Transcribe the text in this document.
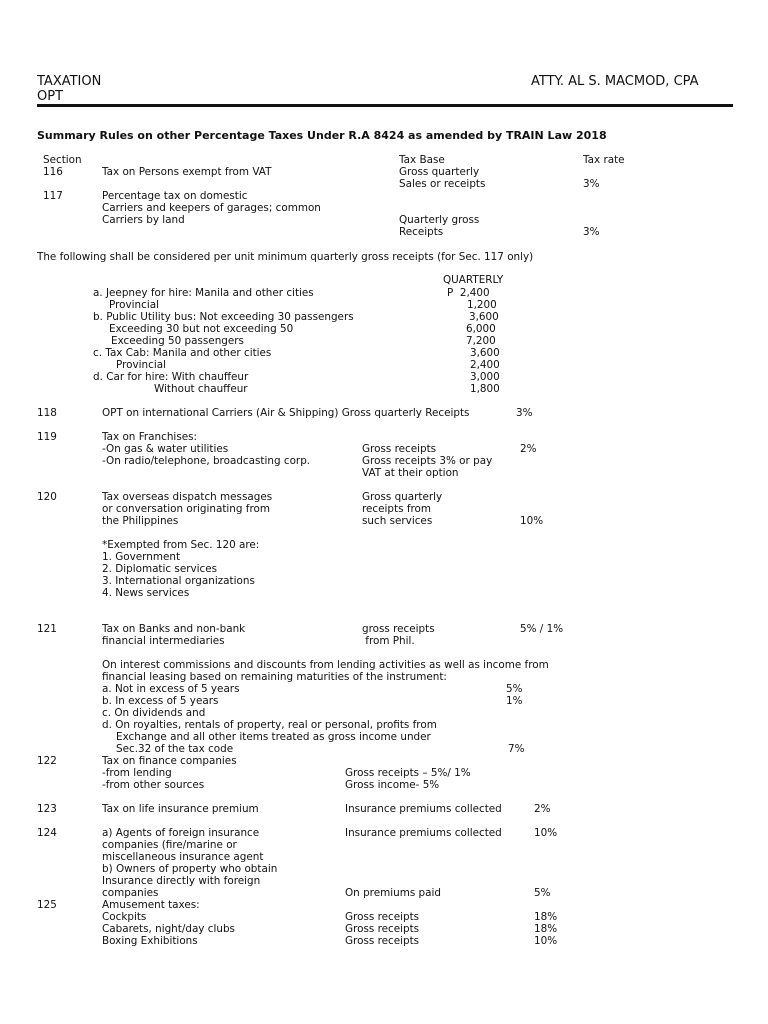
TAXATION
OPT
ATTY. AL S. MACMOD, CPA
Summary Rules on other Percentage Taxes Under R.A 8424 as amended by TRAIN Law 2018
Section	Tax Base	Tax rate
116	Tax on Persons exempt from VAT	Gross quarterly
Sales or receipts	3%
117	Percentage tax on domestic
Carriers and keepers of garages; common
Carriers by land	Quarterly gross
Receipts	3%
The following shall be considered per unit minimum quarterly gross receipts (for Sec. 117 only)
QUARTERLY
a. Jeepney for hire: Manila and other cities	P  2,400
Provincial	1,200
b. Public Utility bus: Not exceeding 30 passengers	3,600
Exceeding 30 but not exceeding 50	6,000
Exceeding 50 passengers	7,200
c. Tax Cab: Manila and other cities	3,600
Provincial	2,400
d. Car for hire: With chauffeur	3,000
Without chauffeur	1,800
118	OPT on international Carriers (Air & Shipping) Gross quarterly Receipts	3%
119	Tax on Franchises:
-On gas & water utilities	Gross receipts	2%
-On radio/telephone, broadcasting corp.	Gross receipts 3% or pay
VAT at their option
120	Tax overseas dispatch messages	Gross quarterly
or conversation originating from	receipts from
the Philippines	such services	10%
*Exempted from Sec. 120 are:
1. Government
2. Diplomatic services
3. International organizations
4. News services
121	Tax on Banks and non-bank	gross receipts	5% / 1%
financial intermediaries	from Phil.
On interest commissions and discounts from lending activities as well as income from
financial leasing based on remaining maturities of the instrument:
a. Not in excess of 5 years	5%
b. In excess of 5 years	1%
c. On dividends and
d. On royalties, rentals of property, real or personal, profits from
Exchange and all other items treated as gross income under
Sec.32 of the tax code	7%
122	Tax on finance companies
-from lending	Gross receipts – 5%/ 1%
-from other sources	Gross income- 5%
123	Tax on life insurance premium	Insurance premiums collected	2%
124	a) Agents of foreign insurance	Insurance premiums collected	10%
companies (fire/marine or
miscellaneous insurance agent
b) Owners of property who obtain
Insurance directly with foreign
companies	On premiums paid	5%
125	Amusement taxes:
Cockpits	Gross receipts	18%
Cabarets, night/day clubs	Gross receipts	18%
Boxing Exhibitions	Gross receipts	10%
